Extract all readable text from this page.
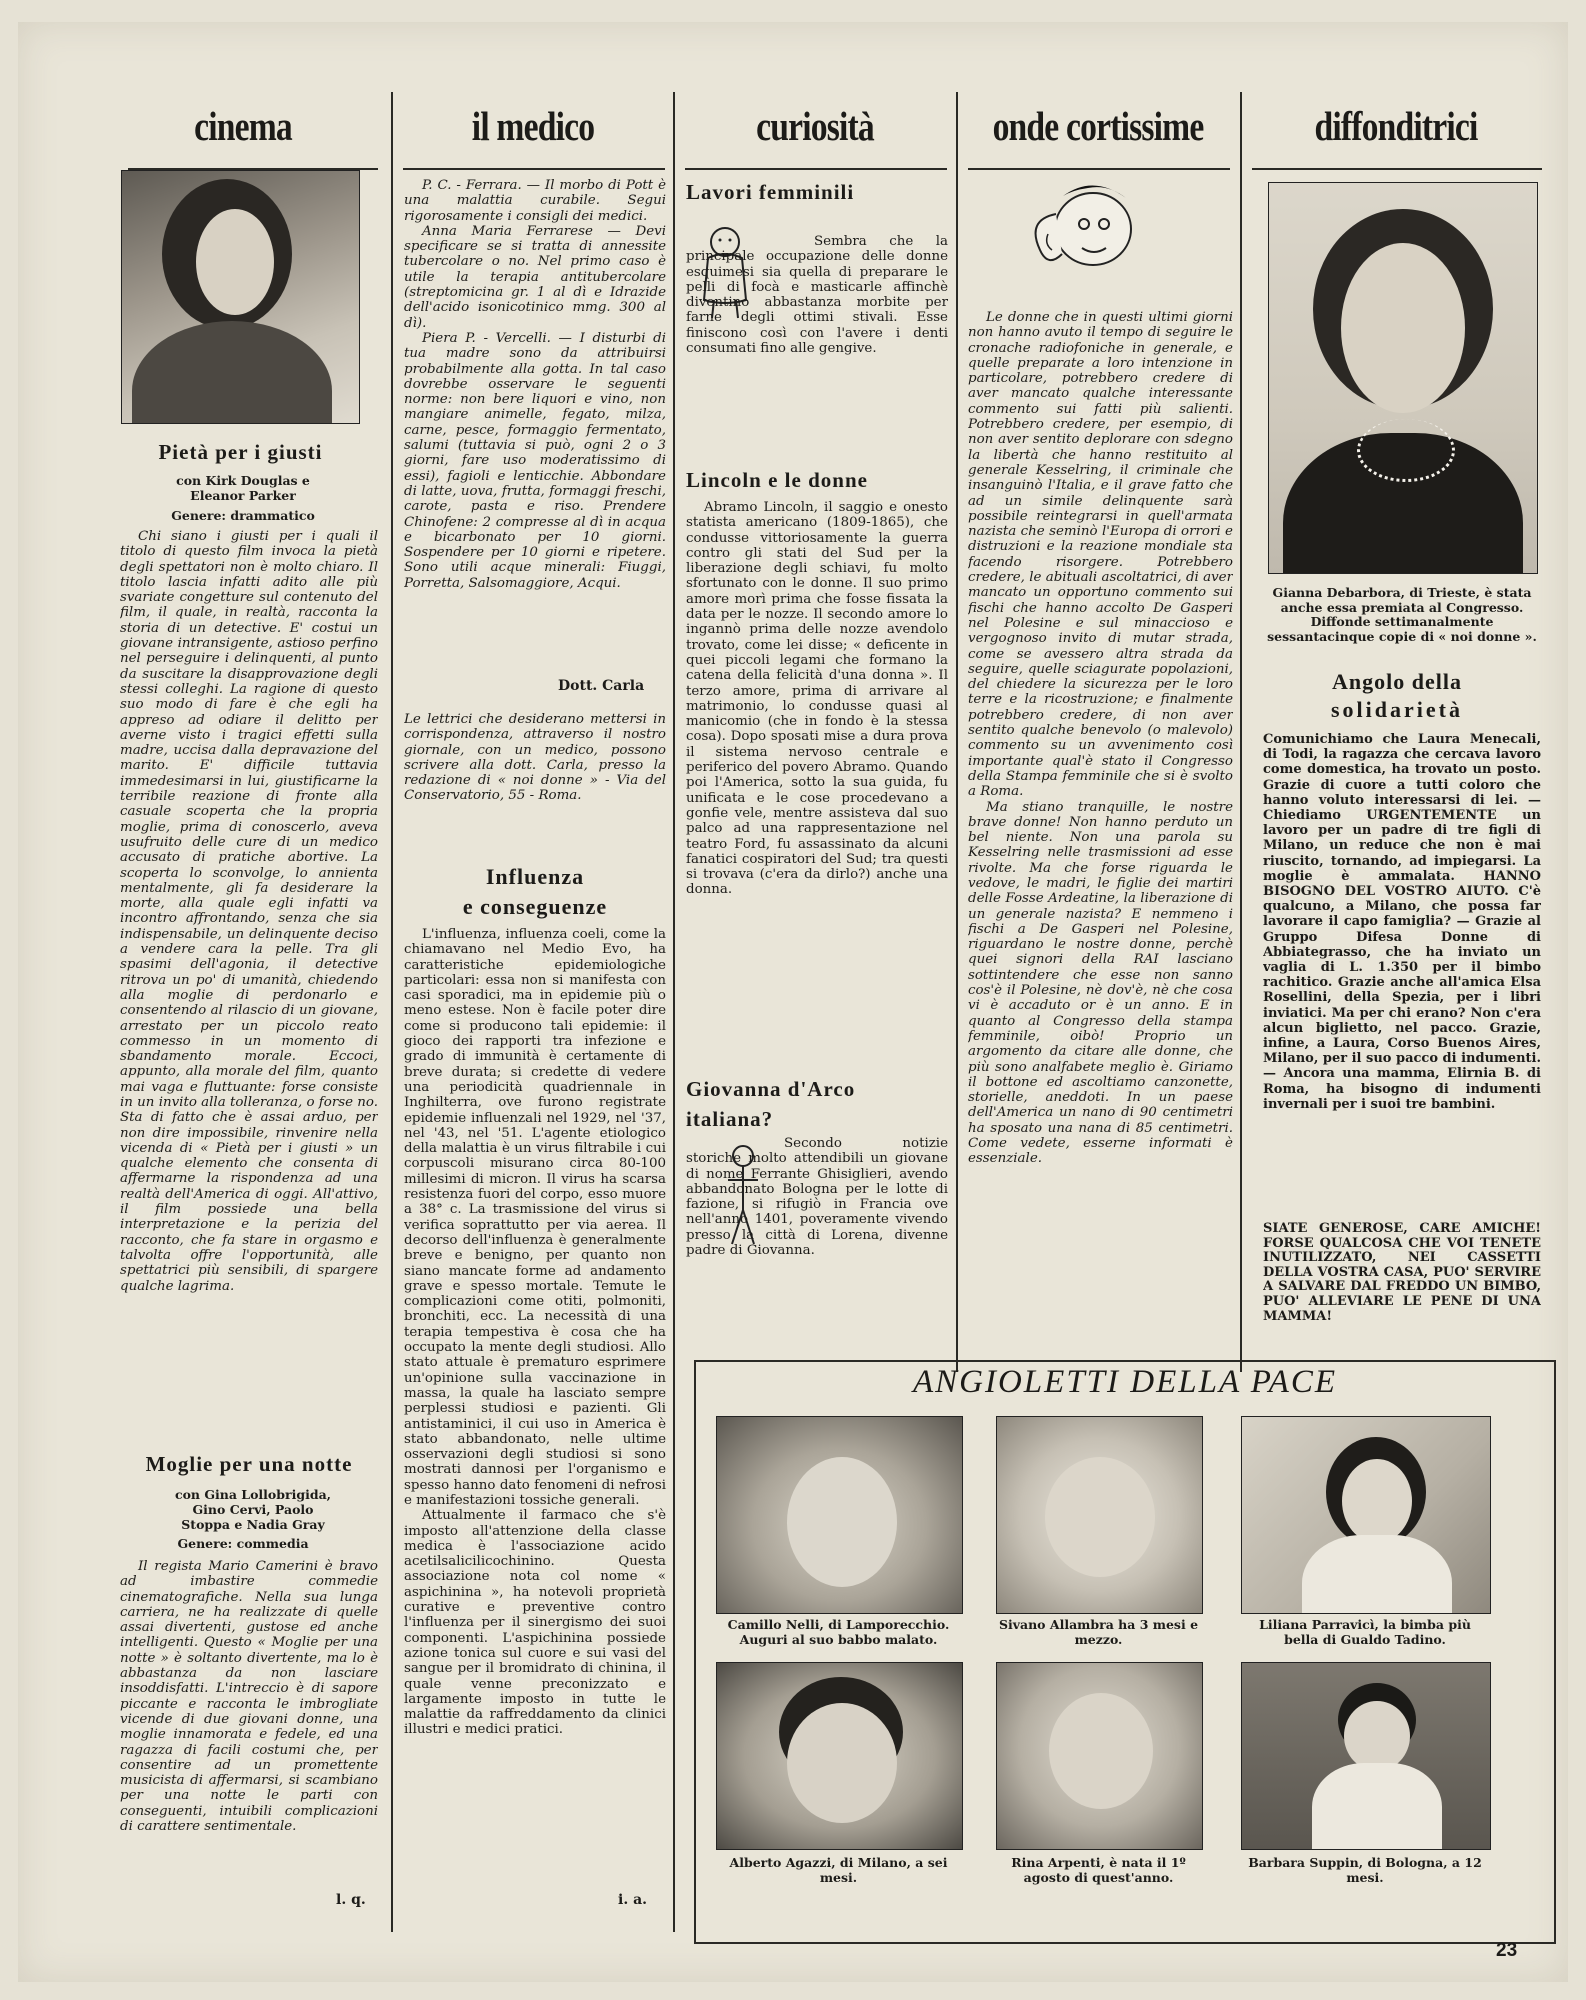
cinema	il medico	curiosità	onde cortissime	diffonditrici
Pietà per i giusti
con Kirk Douglas e Eleanor Parker
Genere: drammatico
Chi siano i giusti per i quali il titolo di questo film invoca la pietà degli spettatori non è molto chiaro. Il titolo lascia infatti adito alle più svariate congetture sul contenuto del film, il quale, in realtà, racconta la storia di un detective. E' costui un giovane intransigente, astioso perfino nel perseguire i delinquenti, al punto da suscitare la disapprovazione degli stessi colleghi. La ragione di questo suo modo di fare è che egli ha appreso ad odiare il delitto per averne visto i tragici effetti sulla madre, uccisa dalla depravazione del marito. E' difficile tuttavia immedesimarsi in lui, giustificarne la terribile reazione di fronte alla casuale scoperta che la propria moglie, prima di conoscerlo, aveva usufruito delle cure di un medico accusato di pratiche abortive. La scoperta lo sconvolge, lo annienta mentalmente, gli fa desiderare la morte, alla quale egli infatti va incontro affrontando, senza che sia indispensabile, un delinquente deciso a vendere cara la pelle. Tra gli spasimi dell'agonia, il detective ritrova un po' di umanità, chiedendo alla moglie di perdonarlo e consentendo al rilascio di un giovane, arrestato per un piccolo reato commesso in un momento di sbandamento morale. Eccoci, appunto, alla morale del film, quanto mai vaga e fluttuante: forse consiste in un invito alla tolleranza, o forse no. Sta di fatto che è assai arduo, per non dire impossibile, rinvenire nella vicenda di « Pietà per i giusti » un qualche elemento che consenta di affermarne la rispondenza ad una realtà dell'America di oggi. All'attivo, il film possiede una bella interpretazione e la perizia del racconto, che fa stare in orgasmo e talvolta offre l'opportunità, alle spettatrici più sensibili, di spargere qualche lagrima.
Moglie per una notte
con Gina Lollobrigida, Gino Cervi, Paolo Stoppa e Nadia Gray
Genere: commedia
Il regista Mario Camerini è bravo ad imbastire commedie cinematografiche. Nella sua lunga carriera, ne ha realizzate di quelle assai divertenti, gustose ed anche intelligenti. Questo « Moglie per una notte » è soltanto divertente, ma lo è abbastanza da non lasciare insoddisfatti. L'intreccio è di sapore piccante e racconta le imbrogliate vicende di due giovani donne, una moglie innamorata e fedele, ed una ragazza di facili costumi che, per consentire ad un promettente musicista di affermarsi, si scambiano per una notte le parti con conseguenti, intuibili complicazioni di carattere sentimentale.
l. q.
P. C. - Ferrara. — Il morbo di Pott è una malattia curabile. Segui rigorosamente i consigli dei medici.
Anna Maria Ferrarese — Devi specificare se si tratta di annessite tubercolare o no. Nel primo caso è utile la terapia antitubercolare (streptomicina gr. 1 al dì e Idrazide dell'acido isonicotinico mmg. 300 al dì).
Piera P. - Vercelli. — I disturbi di tua madre sono da attribuirsi probabilmente alla gotta. In tal caso dovrebbe osservare le seguenti norme: non bere liquori e vino, non mangiare animelle, fegato, milza, carne, pesce, formaggio fermentato, salumi (tuttavia si può, ogni 2 o 3 giorni, fare uso moderatissimo di essi), fagioli e lenticchie. Abbondare di latte, uova, frutta, formaggi freschi, carote, pasta e riso. Prendere Chinofene: 2 compresse al dì in acqua e bicarbonato per 10 giorni. Sospendere per 10 giorni e ripetere. Sono utili acque minerali: Fiuggi, Porretta, Salsomaggiore, Acqui.
Dott. Carla
Le lettrici che desiderano mettersi in corrispondenza, attraverso il nostro giornale, con un medico, possono scrivere alla dott. Carla, presso la redazione di « noi donne » - Via del Conservatorio, 55 - Roma.
Influenza
e conseguenze
L'influenza, influenza coeli, come la chiamavano nel Medio Evo, ha caratteristiche epidemiologiche particolari: essa non si manifesta con casi sporadici, ma in epidemie più o meno estese. Non è facile poter dire come si producono tali epidemie: il gioco dei rapporti tra infezione e grado di immunità è certamente di breve durata; si credette di vedere una periodicità quadriennale in Inghilterra, ove furono registrate epidemie influenzali nel 1929, nel '37, nel '43, nel '51. L'agente etiologico della malattia è un virus filtrabile i cui corpuscoli misurano circa 80-100 millesimi di micron. Il virus ha scarsa resistenza fuori del corpo, esso muore a 38° c. La trasmissione del virus si verifica soprattutto per via aerea. Il decorso dell'influenza è generalmente breve e benigno, per quanto non siano mancate forme ad andamento grave e spesso mortale. Temute le complicazioni come otiti, polmoniti, bronchiti, ecc. La necessità di una terapia tempestiva è cosa che ha occupato la mente degli studiosi. Allo stato attuale è prematuro esprimere un'opinione sulla vaccinazione in massa, la quale ha lasciato sempre perplessi studiosi e pazienti. Gli antistaminici, il cui uso in America è stato abbandonato, nelle ultime osservazioni degli studiosi si sono mostrati dannosi per l'organismo e spesso hanno dato fenomeni di nefrosi e manifestazioni tossiche generali.
Attualmente il farmaco che s'è imposto all'attenzione della classe medica è l'associazione acido acetilsalicilicochinino. Questa associazione nota col nome « aspichinina », ha notevoli proprietà curative e preventive contro l'influenza per il sinergismo dei suoi componenti. L'aspichinina possiede azione tonica sul cuore e sui vasi del sangue per il bromidrato di chinina, il quale venne preconizzato e largamente imposto in tutte le malattie da raffreddamento da clinici illustri e medici pratici.
i. a.
Lavori femminili
Sembra che la principale occupazione delle donne esquimesi sia quella di preparare le pelli di focà e masticarle affinchè diventino abbastanza morbite per farne degli ottimi stivali. Esse finiscono così con l'avere i denti consumati fino alle gengive.
Lincoln e le donne
Abramo Lincoln, il saggio e onesto statista americano (1809-1865), che condusse vittoriosamente la guerra contro gli stati del Sud per la liberazione degli schiavi, fu molto sfortunato con le donne. Il suo primo amore morì prima che fosse fissata la data per le nozze. Il secondo amore lo ingannò prima delle nozze avendolo trovato, come lei disse; « deficente in quei piccoli legami che formano la catena della felicità d'una donna ». Il terzo amore, prima di arrivare al matrimonio, lo condusse quasi al manicomio (che in fondo è la stessa cosa). Dopo sposati mise a dura prova il sistema nervoso centrale e periferico del povero Abramo. Quando poi l'America, sotto la sua guida, fu unificata e le cose procedevano a gonfie vele, mentre assisteva dal suo palco ad una rappresentazione nel teatro Ford, fu assassinato da alcuni fanatici cospiratori del Sud; tra questi si trovava (c'era da dirlo?) anche una donna.
Giovanna d'Arco italiana?
Secondo notizie storiche molto attendibili un giovane di nome Ferrante Ghisiglieri, avendo abbandonato Bologna per le lotte di fazione, si rifugiò in Francia ove nell'anno 1401, poveramente vivendo presso la città di Lorena, divenne padre di Giovanna.
Le donne che in questi ultimi giorni non hanno avuto il tempo di seguire le cronache radiofoniche in generale, e quelle preparate a loro intenzione in particolare, potrebbero credere di aver mancato qualche interessante commento sui fatti più salienti. Potrebbero credere, per esempio, di non aver sentito deplorare con sdegno la libertà che hanno restituito al generale Kesselring, il criminale che insanguinò l'Italia, e il grave fatto che ad un simile delinquente sarà possibile reintegrarsi in quell'armata nazista che seminò l'Europa di orrori e distruzioni e la reazione mondiale sta facendo risorgere. Potrebbero credere, le abituali ascoltatrici, di aver mancato un opportuno commento sui fischi che hanno accolto De Gasperi nel Polesine e sul minaccioso e vergognoso invito di mutar strada, come se avessero altra strada da seguire, quelle sciagurate popolazioni, del chiedere la sicurezza per le loro terre e la ricostruzione; e finalmente potrebbero credere, di non aver sentito qualche benevolo (o malevolo) commento su un avvenimento così importante qual'è stato il Congresso della Stampa femminile che si è svolto a Roma.
Ma stiano tranquille, le nostre brave donne! Non hanno perduto un bel niente. Non una parola su Kesselring nelle trasmissioni ad esse rivolte. Ma che forse riguarda le vedove, le madri, le figlie dei martiri delle Fosse Ardeatine, la liberazione di un generale nazista? E nemmeno i fischi a De Gasperi nel Polesine, riguardano le nostre donne, perchè quei signori della RAI lasciano sottintendere che esse non sanno cos'è il Polesine, nè dov'è, nè che cosa vi è accaduto or è un anno. E in quanto al Congresso della stampa femminile, oibò! Proprio un argomento da citare alle donne, che più sono analfabete meglio è. Giriamo il bottone ed ascoltiamo canzonette, storielle, aneddoti. In un paese dell'America un nano di 90 centimetri ha sposato una nana di 85 centimetri. Come vedete, esserne informati è essenziale.
Gianna Debarbora, di Trieste, è stata anche essa premiata al Congresso. Diffonde settimanalmente sessantacinque copie di « noi donne ».
Angolo della
solidarietà
Comunichiamo che Laura Menecali, di Todi, la ragazza che cercava lavoro come domestica, ha trovato un posto. Grazie di cuore a tutti coloro che hanno voluto interessarsi di lei. — Chiediamo URGENTEMENTE un lavoro per un padre di tre figli di Milano, un reduce che non è mai riuscito, tornando, ad impiegarsi. La moglie è ammalata. HANNO BISOGNO DEL VOSTRO AIUTO. C'è qualcuno, a Milano, che possa far lavorare il capo famiglia? — Grazie al Gruppo Difesa Donne di Abbiategrasso, che ha inviato un vaglia di L. 1.350 per il bimbo rachitico. Grazie anche all'amica Elsa Rosellini, della Spezia, per i libri inviatici. Ma per chi erano? Non c'era alcun biglietto, nel pacco. Grazie, infine, a Laura, Corso Buenos Aires, Milano, per il suo pacco di indumenti. — Ancora una mamma, Elirnia B. di Roma, ha bisogno di indumenti invernali per i suoi tre bambini.
SIATE GENEROSE, CARE AMICHE! FORSE QUALCOSA CHE VOI TENETE INUTILIZZATO, NEI CASSETTI DELLA VOSTRA CASA, PUO' SERVIRE A SALVARE DAL FREDDO UN BIMBO, PUO' ALLEVIARE LE PENE DI UNA MAMMA!
ANGIOLETTI DELLA PACE
Camillo Nelli, di Lamporecchio. Auguri al suo babbo malato.
Sivano Allambra ha 3 mesi e mezzo.
Liliana Parravicì, la bimba più bella di Gualdo Tadino.
Alberto Agazzi, di Milano, a sei mesi.
Rina Arpenti, è nata il 1º agosto di quest'anno.
Barbara Suppin, di Bologna, a 12 mesi.
23
